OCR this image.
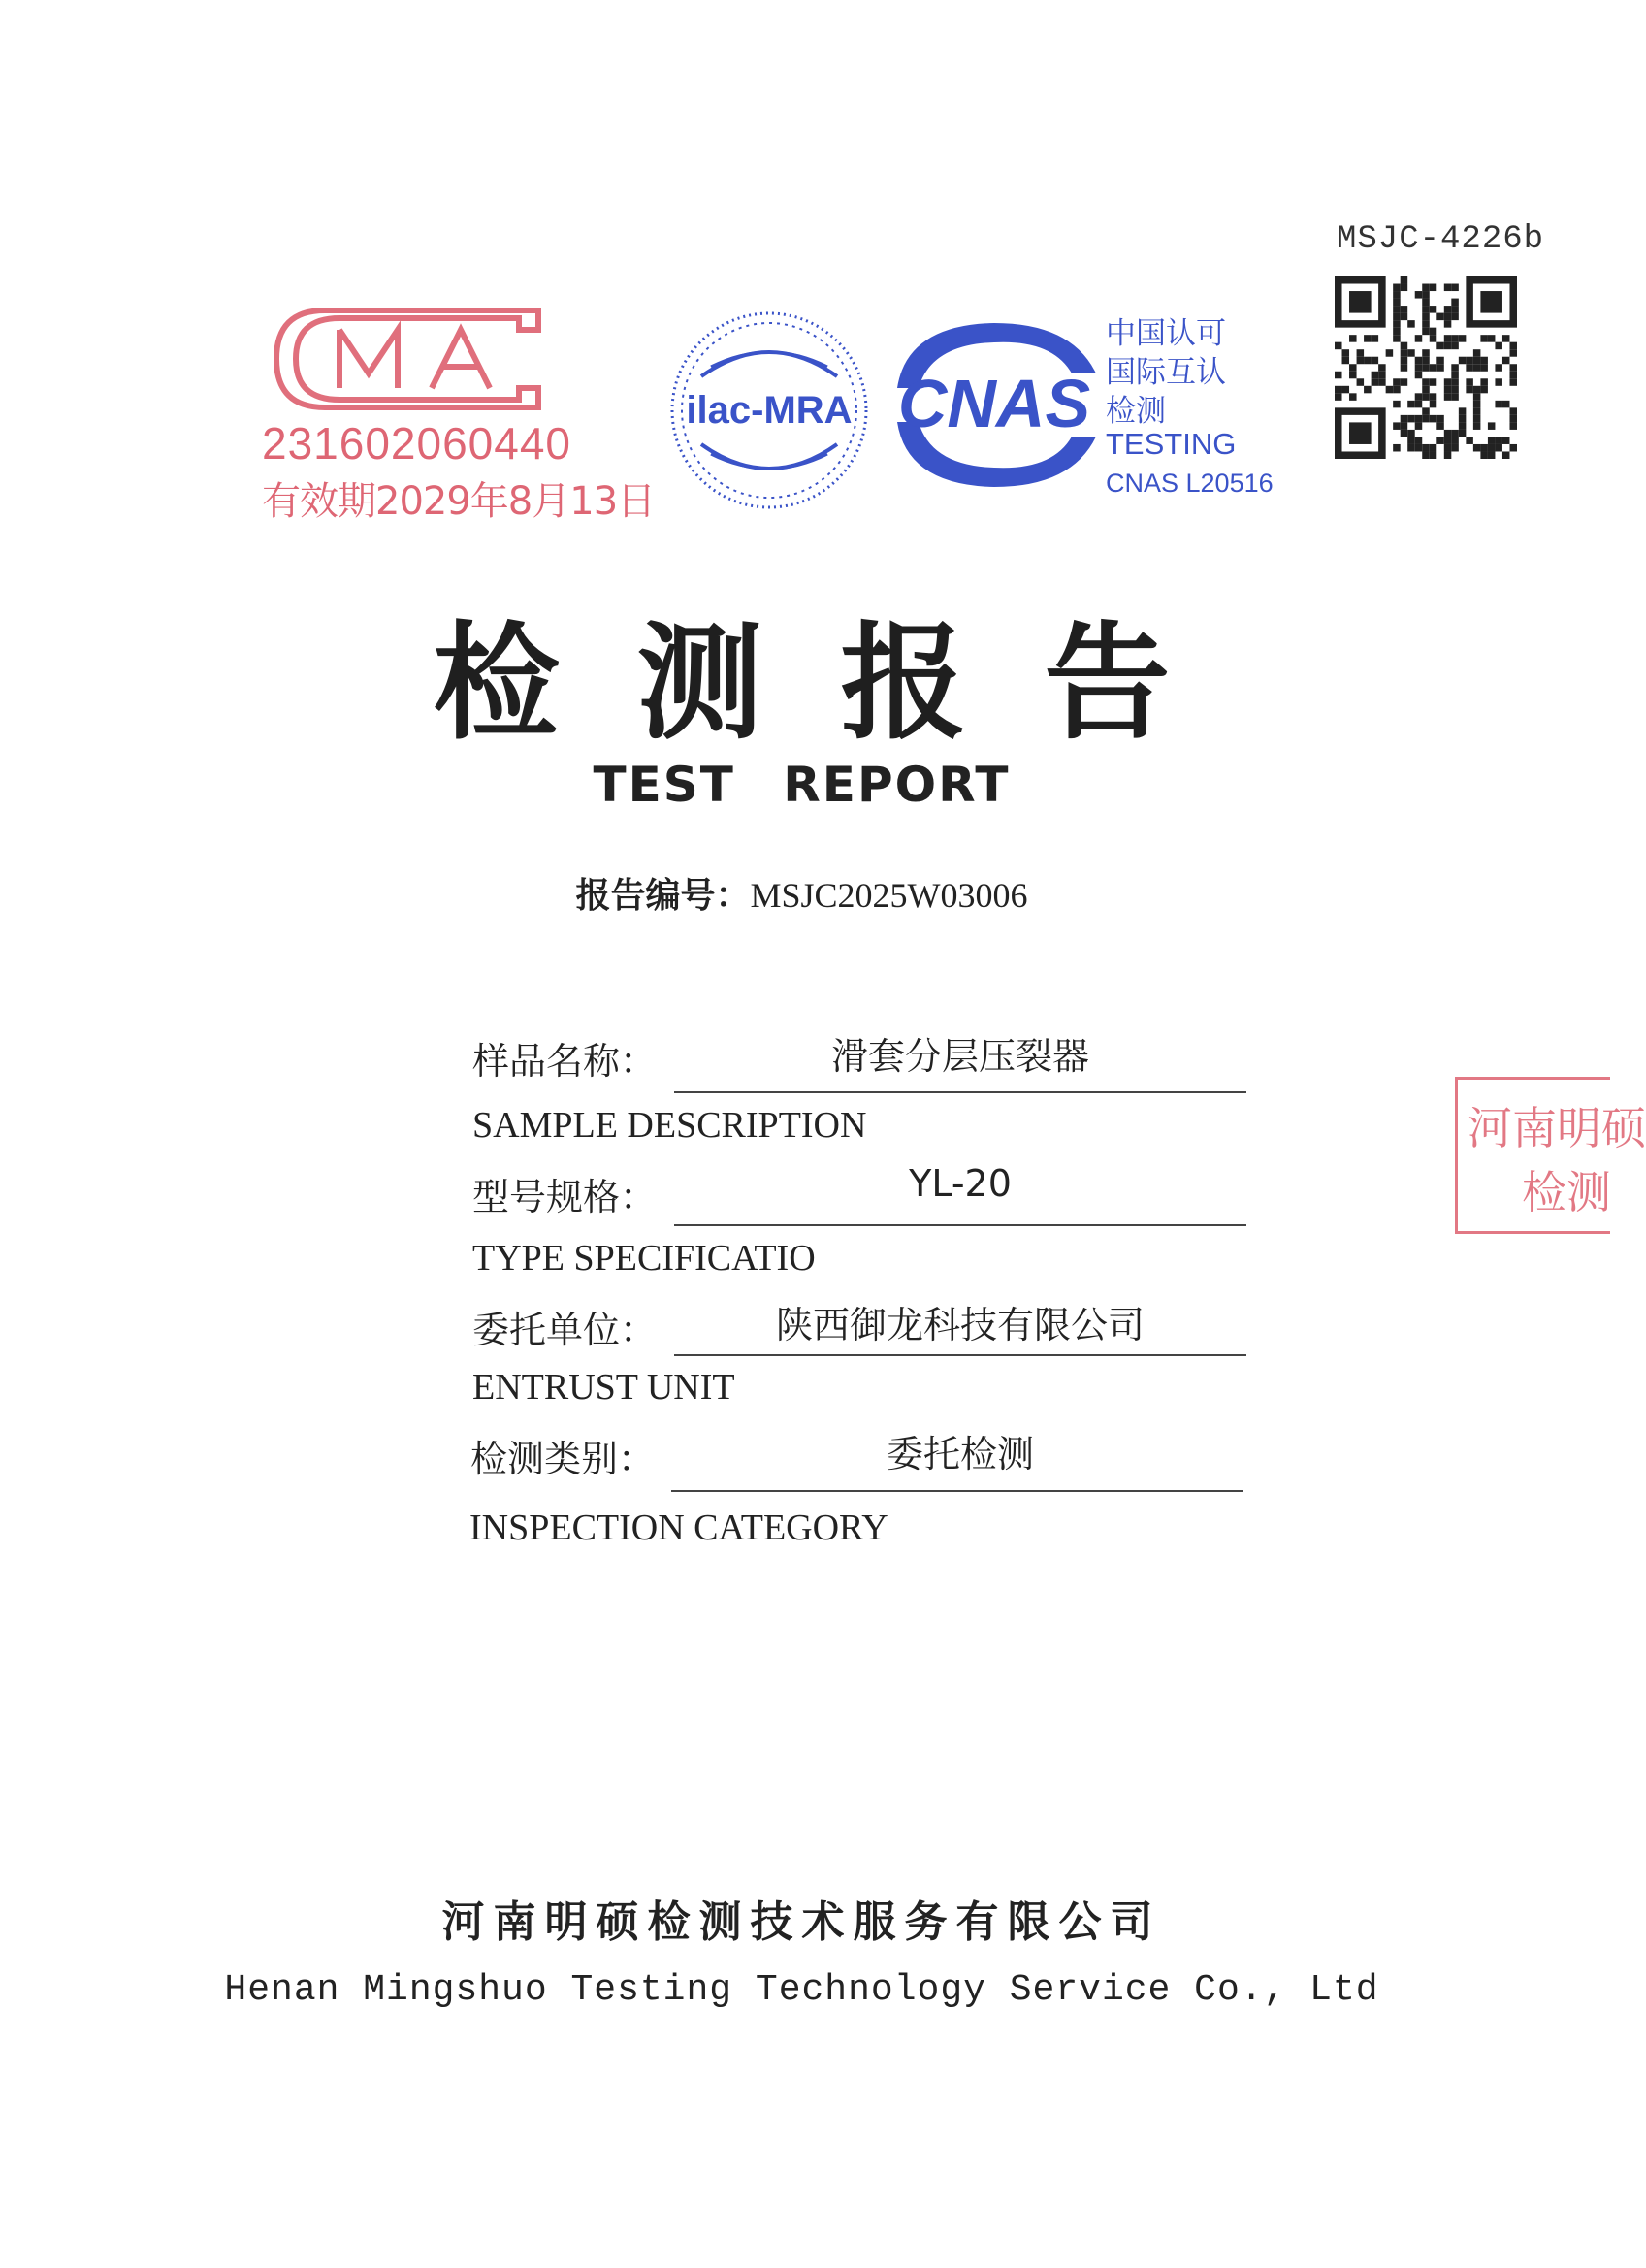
MSJC-4226b
231602060440
有效期2029年8月13日
ilac-MRA CNAS
中国认可
国际互认
检测
TESTING
CNAS L20516
检测报告
TEST REPORT
报告编号：MSJC2025W03006
样品名称：	滑套分层压裂器
SAMPLE DESCRIPTION
型号规格：	YL-20
TYPE SPECIFICATIO
委托单位：	陕西御龙科技有限公司
ENTRUST UNIT
检测类别：	委托检测
INSPECTION CATEGORY
河南明硕
检测
河南明硕检测技术服务有限公司
Henan Mingshuo Testing Technology Service Co., Ltd
